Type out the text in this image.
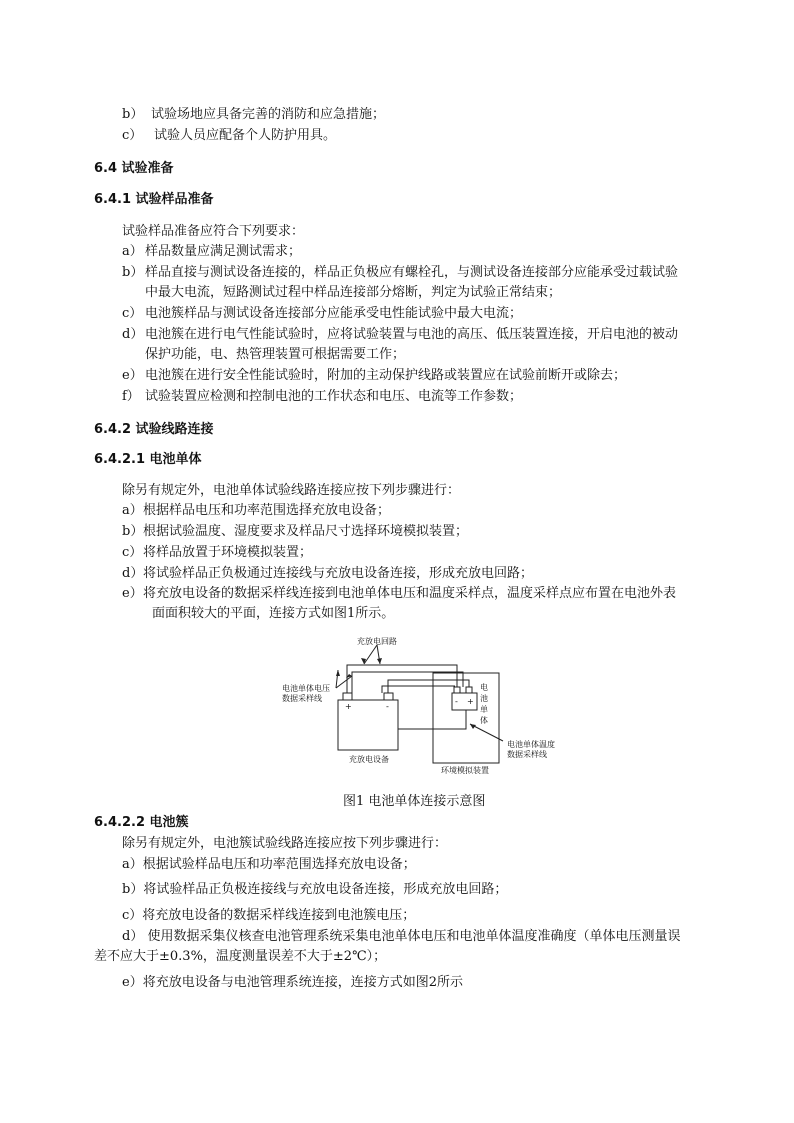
b） 试验场地应具备完善的消防和应急措施；
c） 试验人员应配备个人防护用具。
6.4 试验准备
6.4.1 试验样品准备
试验样品准备应符合下列要求：
a） 样品数量应满足测试需求；
b） 样品直接与测试设备连接的，样品正负极应有螺栓孔，与测试设备连接部分应能承受过载试验
中最大电流，短路测试过程中样品连接部分熔断，判定为试验正常结束；
c） 电池簇样品与测试设备连接部分应能承受电性能试验中最大电流；
d） 电池簇在进行电气性能试验时，应将试验装置与电池的高压、低压装置连接，开启电池的被动
保护功能，电、热管理装置可根据需要工作；
e） 电池簇在进行安全性能试验时，附加的主动保护线路或装置应在试验前断开或除去；
f） 试验装置应检测和控制电池的工作状态和电压、电流等工作参数；
6.4.2 试验线路连接
6.4.2.1 电池单体
除另有规定外，电池单体试验线路连接应按下列步骤进行：
a） 根据样品电压和功率范围选择充放电设备；
b） 根据试验温度、湿度要求及样品尺寸选择环境模拟装置；
c） 将样品放置于环境模拟装置；
d） 将试验样品正负极通过连接线与充放电设备连接，形成充放电回路；
e） 将充放电设备的数据采样线连接到电池单体电压和温度采样点，温度采样点应布置在电池外表
面面积较大的平面，连接方式如图1所示。
充放电回路
电池单体电压
数据采样线
电
池
单
体
电池单体温度
数据采样线
充放电设备
环境模拟装置
+	-
- +
图1 电池单体连接示意图
6.4.2.2 电池簇
除另有规定外，电池簇试验线路连接应按下列步骤进行：
a）根据试验样品电压和功率范围选择充放电设备；
b）将试验样品正负极连接线与充放电设备连接，形成充放电回路；
c）将充放电设备的数据采样线连接到电池簇电压；
d） 使用数据采集仪核查电池管理系统采集电池单体电压和电池单体温度准确度（单体电压测量误
差不应大于±0.3%，温度测量误差不大于±2℃）；
e）将充放电设备与电池管理系统连接，连接方式如图2所示
